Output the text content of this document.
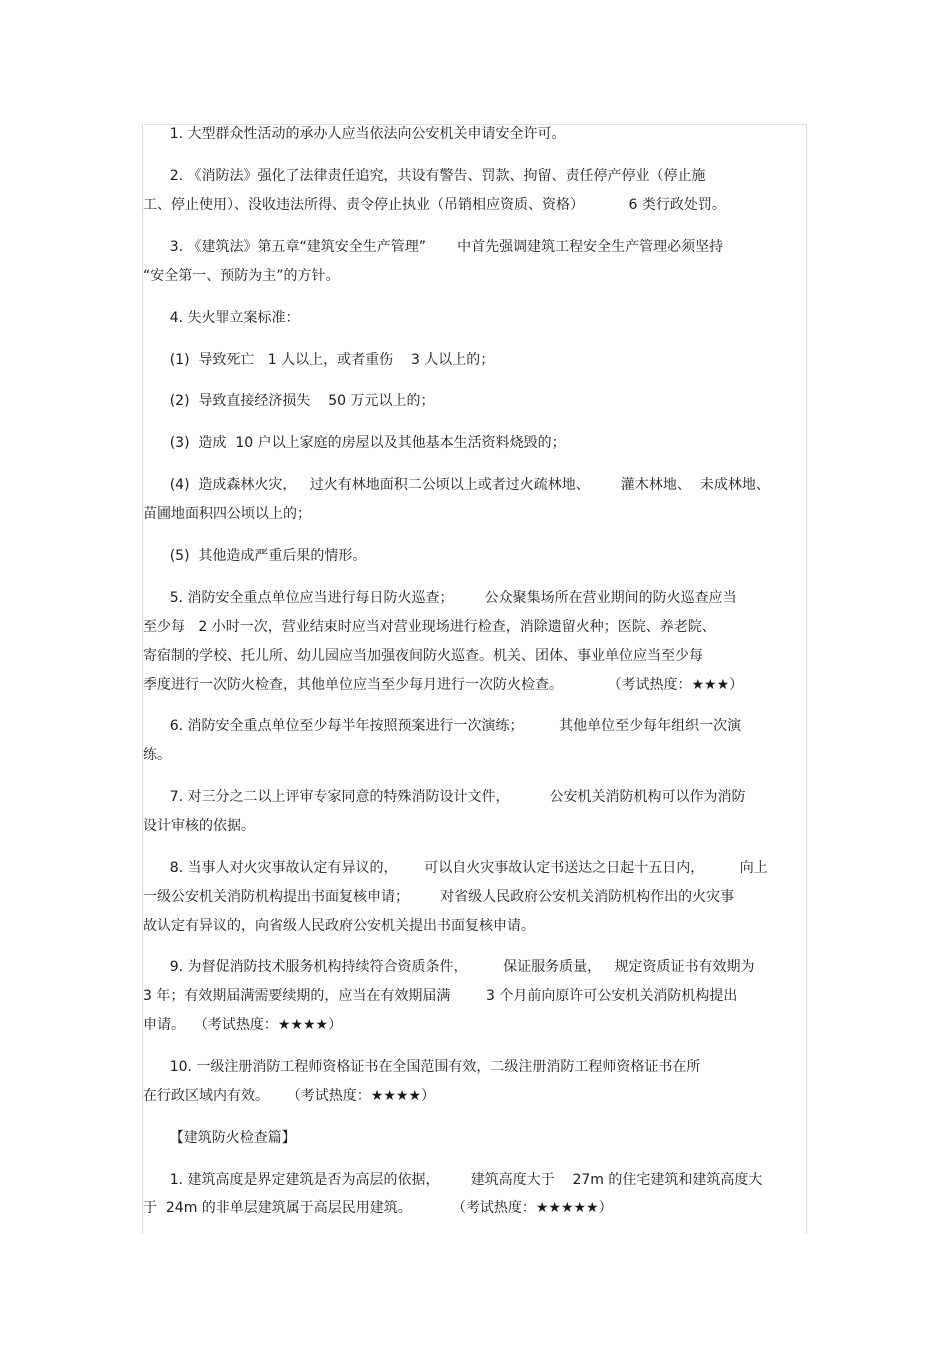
1. 大型群众性活动的承办人应当依法向公安机关申请安全许可。
2. 《消防法》强化了法律责任追究，共设有警告、罚款、拘留、责任停产停业（停止施
工、停止使用）、没收违法所得、责令停止执业（吊销相应资质、资格）          6 类行政处罚。
3. 《建筑法》第五章“建筑安全生产管理”       中首先强调建筑工程安全生产管理必须坚持
“安全第一、预防为主”的方针。
4. 失火罪立案标准：
(1)  导致死亡   1 人以上，或者重伤    3 人以上的；
(2)  导致直接经济损失    50 万元以上的；
(3)  造成  10 户以上家庭的房屋以及其他基本生活资料烧毁的；
(4)  造成森林火灾，   过火有林地面积二公顷以上或者过火疏林地、       灌木林地、  未成林地、
苗圃地面积四公顷以上的；
(5)  其他造成严重后果的情形。
5. 消防安全重点单位应当进行每日防火巡查；       公众聚集场所在营业期间的防火巡查应当
至少每   2 小时一次，营业结束时应当对营业现场进行检查，消除遗留火种；医院、养老院、
寄宿制的学校、托儿所、幼儿园应当加强夜间防火巡查。机关、团体、事业单位应当至少每
季度进行一次防火检查，其他单位应当至少每月进行一次防火检查。          （考试热度：★★★）
6. 消防安全重点单位至少每半年按照预案进行一次演练；        其他单位至少每年组织一次演
练。
7. 对三分之二以上评审专家同意的特殊消防设计文件，         公安机关消防机构可以作为消防
设计审核的依据。
8. 当事人对火灾事故认定有异议的，      可以自火灾事故认定书送达之日起十五日内，        向上
一级公安机关消防机构提出书面复核申请；       对省级人民政府公安机关消防机构作出的火灾事
故认定有异议的，向省级人民政府公安机关提出书面复核申请。
9. 为督促消防技术服务机构持续符合资质条件，        保证服务质量，   规定资质证书有效期为
3 年；有效期届满需要续期的，应当在有效期届满        3 个月前向原许可公安机关消防机构提出
申请。  （考试热度：★★★★）
10. 一级注册消防工程师资格证书在全国范围有效，二级注册消防工程师资格证书在所
在行政区域内有效。    （考试热度：★★★★）
【建筑防火检查篇】
1. 建筑高度是界定建筑是否为高层的依据，       建筑高度大于    27m 的住宅建筑和建筑高度大
于  24m 的非单层建筑属于高层民用建筑。         （考试热度：★★★★★）
